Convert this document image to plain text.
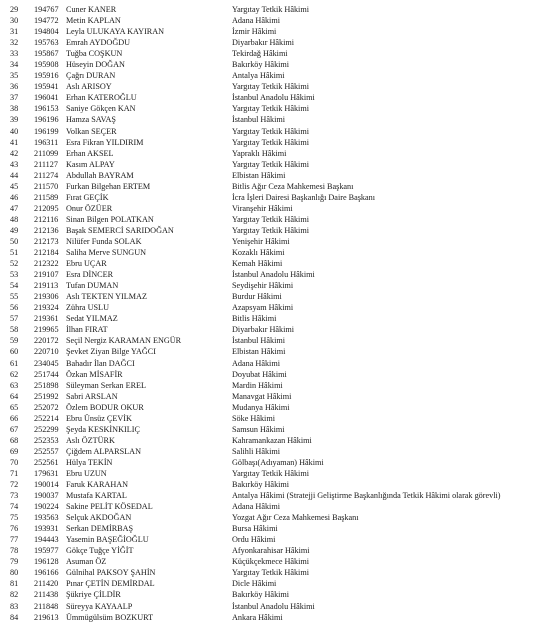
29	194767 Cuner KANER	Yargıtay Tetkik Hâkimi
30	194772 Metin KAPLAN	Adana Hâkimi
31	194804 Leyla ULUKAYA KAYIRAN	İzmir Hâkimi
32	195763 Emrah AYDOĞDU	Diyarbakır Hâkimi
33	195867 Tuğba COŞKUN	Tekirdağ Hâkimi
34	195908 Hüseyin DOĞAN	Bakırköy Hâkimi
35	195916 Çağrı DURAN	Antalya Hâkimi
36	195941 Aslı ARISOY	Yargıtay Tetkik Hâkimi
37	196041 Erhan KATEROĞLU	İstanbul Anadolu Hâkimi
38	196153 Saniye Gökçen KAN	Yargıtay Tetkik Hâkimi
39	196196 Hamza SAVAŞ	İstanbul Hâkimi
40	196199 Volkan SEÇER	Yargıtay Tetkik Hâkimi
41	196311 Esra Fikran YILDIRIM	Yargıtay Tetkik Hâkimi
42	211099 Erhan AKSEL	Yapraklı Hâkimi
43	211127 Kasım ALPAY	Yargıtay Tetkik Hâkimi
44	211274 Abdullah BAYRAM	Elbistan Hâkimi
45	211570 Furkan Bilgehan ERTEM	Bitlis Ağır Ceza Mahkemesi Başkanı
46	211589 Fırat GEÇİK	İcra İşleri Dairesi Başkanlığı Daire Başkanı
47	212095 Onur ÖZÜER	Viranşehir Hâkimi
48	212116 Sinan Bilgen POLATKAN	Yargıtay Tetkik Hâkimi
49	212136 Başak SEMERCİ SARIDOĞAN	Yargıtay Tetkik Hâkimi
50	212173 Nilüfer Funda SOLAK	Yenişehir Hâkimi
51	212184 Saliha Merve SUNGUN	Kozaklı Hâkimi
52	212322 Ebru UÇAR	Kemah Hâkimi
53	219107 Esra DİNCER	İstanbul Anadolu Hâkimi
54	219113 Tufan DUMAN	Seydişehir Hâkimi
55	219306 Aslı TEKTEN YILMAZ	Burdur Hâkimi
56	219324 Zühra USLU	Azapsyam Hâkimi
57	219361 Sedat YILMAZ	Bitlis Hâkimi
58	219965 İlhan FIRAT	Diyarbakır Hâkimi
59	220172 Seçil Nergiz KARAMAN ENGÜR	İstanbul Hâkimi
60	220710 Şevket Ziyan Bilge YAĞCI	Elbistan Hâkimi
61	234045 Bahadır İlan DAĞCI	Adana Hâkimi
62	251744 Özkan MİSAFİR	Doyubat Hâkimi
63	251898 Süleyman Serkan EREL	Mardin Hâkimi
64	251992 Sabri ARSLAN	Manavgat Hâkimi
65	252072 Özlem BODUR OKUR	Mudanya Hâkimi
66	252214 Ebru Ünsüz ÇEVİK	Söke Hâkimi
67	252299 Şeyda KESKİNKILIÇ	Samsun Hâkimi
68	252353 Aslı ÖZTÜRK	Kahramankazan Hâkimi
69	252557 Çiğdem ALPARSLAN	Salihli Hâkimi
70	252561 Hülya TEKİN	Gölbaşı(Adıyaman) Hâkimi
71	179631 Ebru UZUN	Yargıtay Tetkik Hâkimi
72	190014 Faruk KARAHAN	Bakırköy Hâkimi
73	190037 Mustafa KARTAL	Antalya Hâkimi (Stratejji Geliştirme Başkanlığında Tetkik Hâkimi olarak görevli)
74	190224 Sakine PELİT KÖSEDAL	Adana Hâkimi
75	193563 Selçuk AKDOĞAN	Yozgat Ağır Ceza Mahkemesi Başkanı
76	193931 Serkan DEMİRBAŞ	Bursa Hâkimi
77	194443 Yasemin BAŞEĞİOĞLU	Ordu Hâkimi
78	195977 Gökçe Tuğçe YİĞİT	Afyonkarahisar Hâkimi
79	196128 Asuman ÖZ	Küçükçekmece Hâkimi
80	196166 Gülnihal PAKSOY ŞAHİN	Yargıtay Tetkik Hâkimi
81	211420 Pınar ÇETİN DEMİRDAL	Dicle Hâkimi
82	211438 Şükriye ÇİLDİR	Bakırköy Hâkimi
83	211848 Süreyya KAYAALP	İstanbul Anadolu Hâkimi
84	219613 Ümmügülsüm BOZKURT	Ankara Hâkimi
